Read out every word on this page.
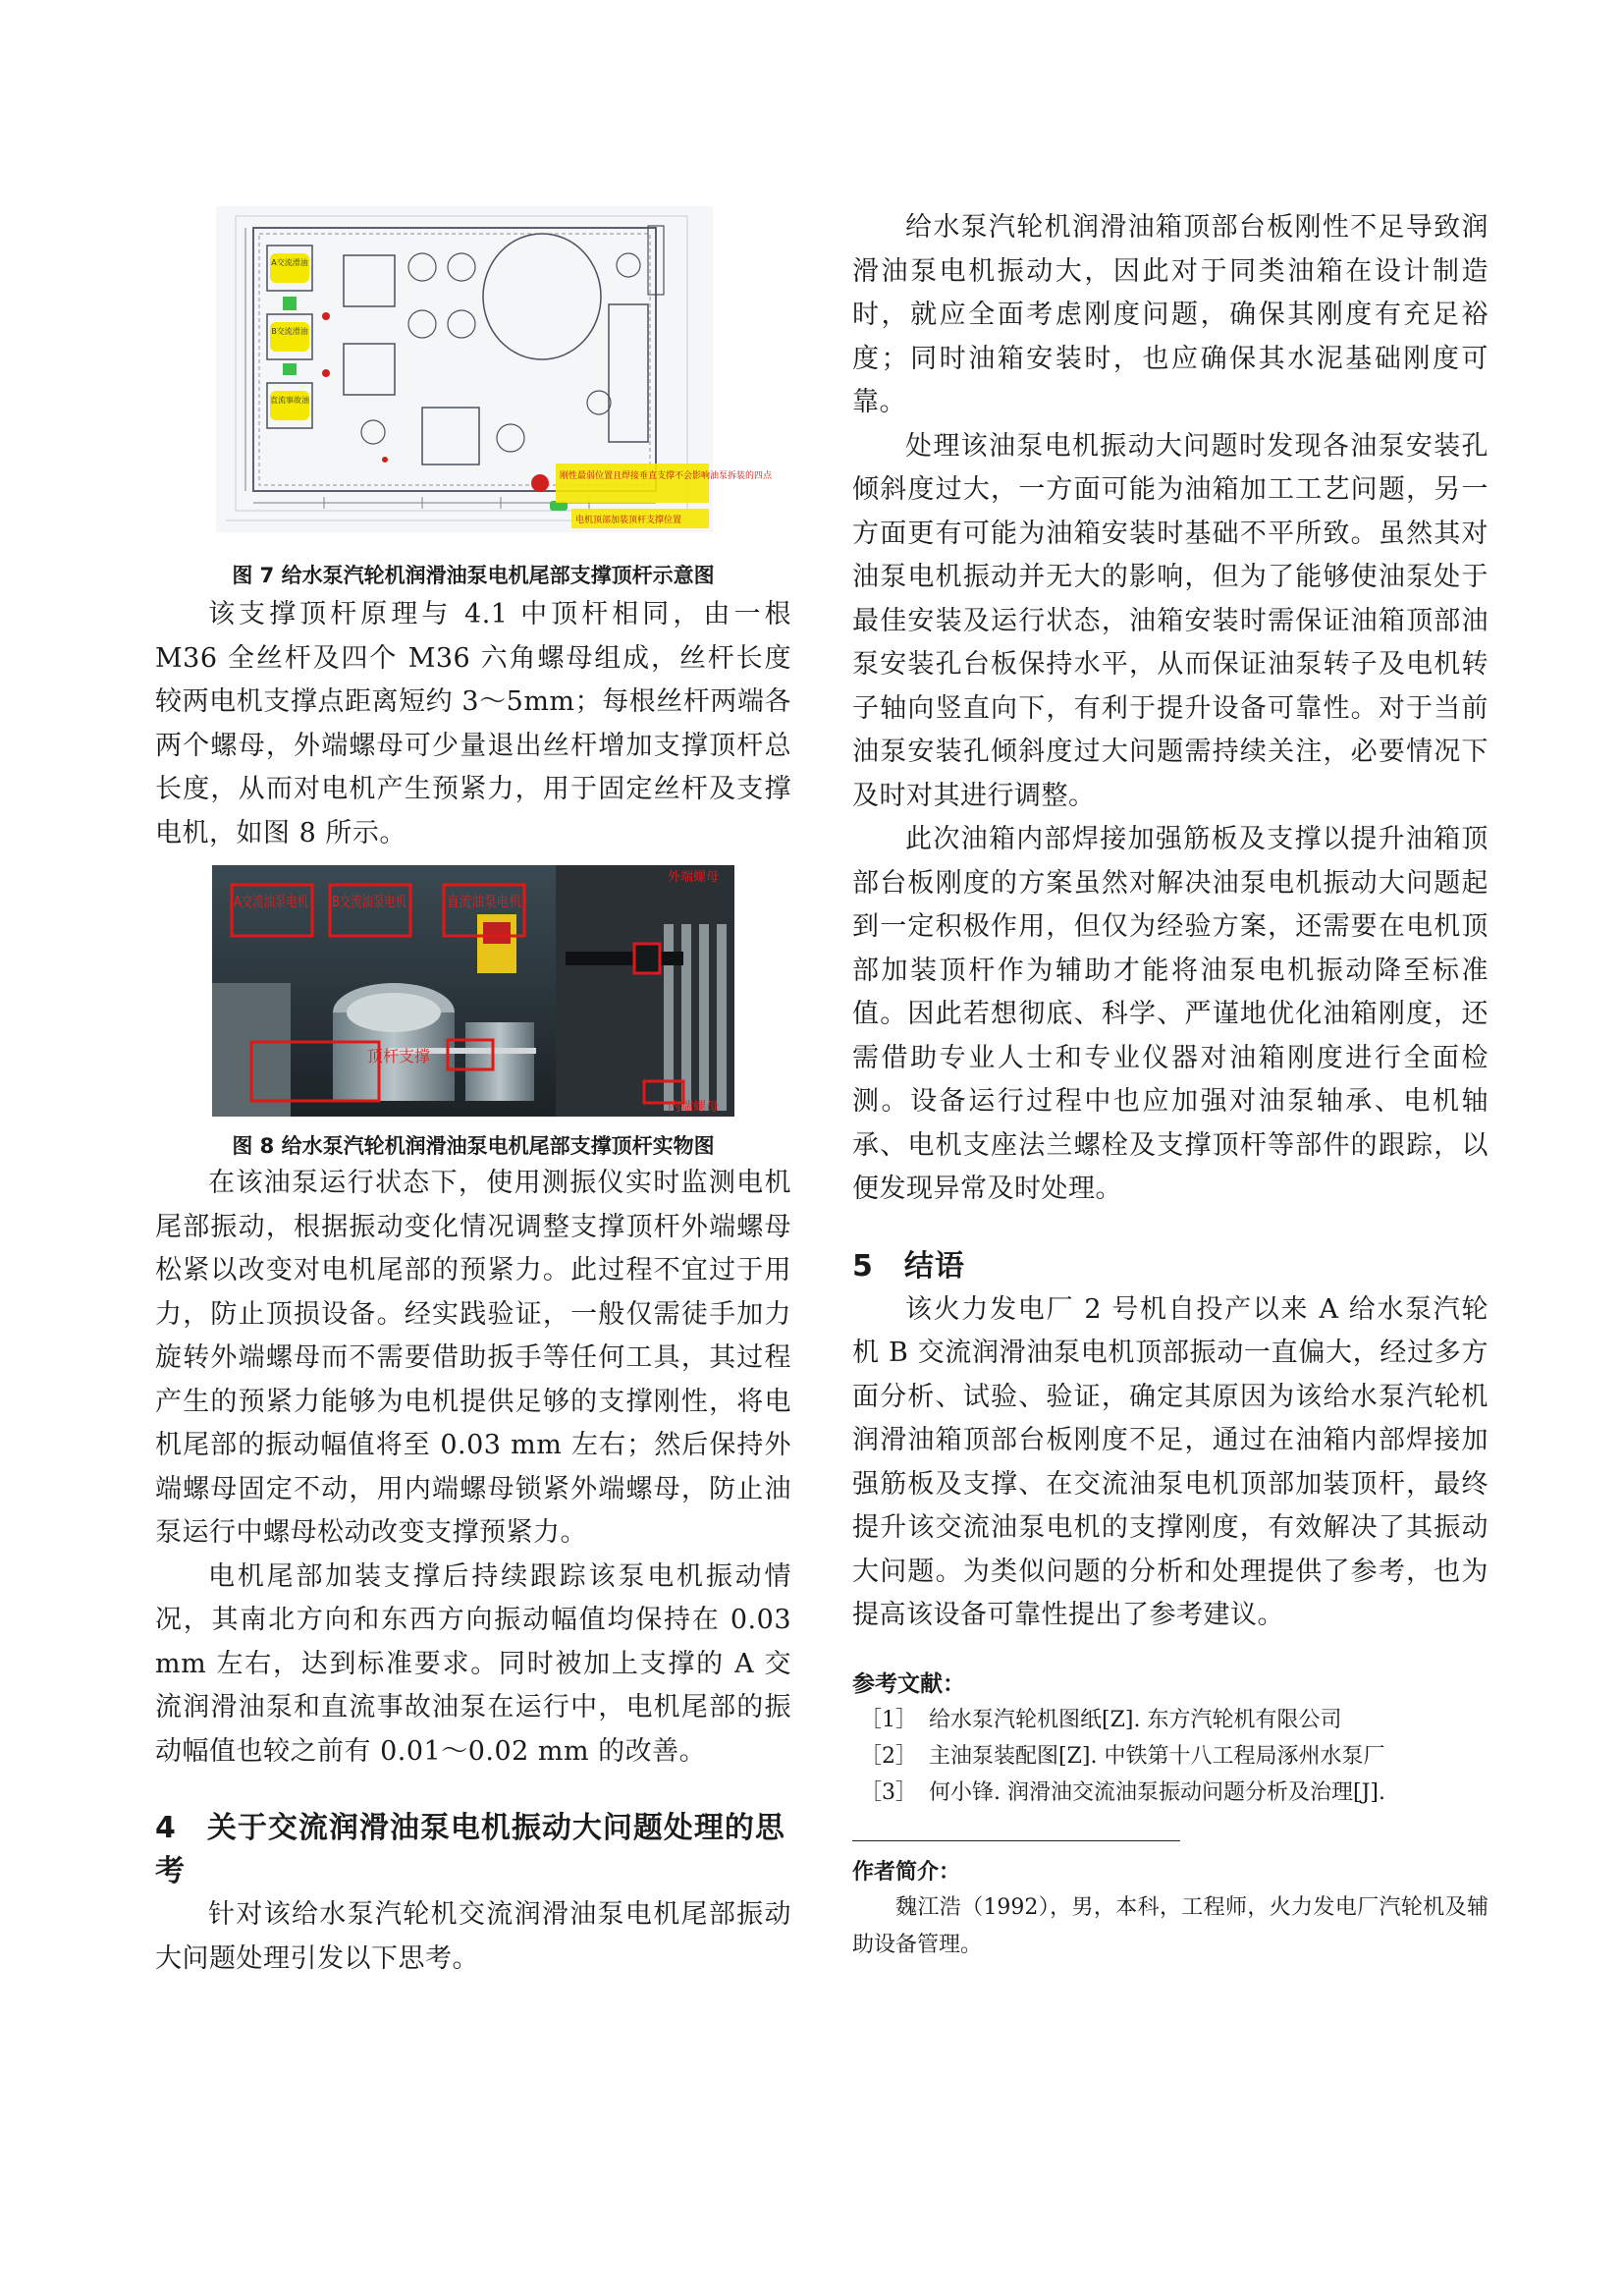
A交流滑油
B交流滑油
直流事故油
刚性最弱位置且焊接垂直支撑不会影响油泵拆装的四点
电机顶部加装顶杆支撑位置

图 7 给水泵汽轮机润滑油泵电机尾部支撑顶杆示意图

该支撑顶杆原理与 4.1 中顶杆相同，由一根 M36 全丝杆及四个 M36 六角螺母组成，丝杆长度较两电机支撑点距离短约 3～5mm；每根丝杆两端各两个螺母，外端螺母可少量退出丝杆增加支撑顶杆总长度，从而对电机产生预紧力，用于固定丝杆及支撑电机，如图 8 所示。

A交流油泵电机 B交流油泵电机	直流油泵电机
顶杆支撑
外端螺母
内端螺母

图 8 给水泵汽轮机润滑油泵电机尾部支撑顶杆实物图

在该油泵运行状态下，使用测振仪实时监测电机尾部振动，根据振动变化情况调整支撑顶杆外端螺母松紧以改变对电机尾部的预紧力。此过程不宜过于用力，防止顶损设备。经实践验证，一般仅需徒手加力旋转外端螺母而不需要借助扳手等任何工具，其过程产生的预紧力能够为电机提供足够的支撑刚性，将电机尾部的振动幅值将至 0.03 mm 左右；然后保持外端螺母固定不动，用内端螺母锁紧外端螺母，防止油泵运行中螺母松动改变支撑预紧力。

电机尾部加装支撑后持续跟踪该泵电机振动情况，其南北方向和东西方向振动幅值均保持在 0.03 mm 左右，达到标准要求。同时被加上支撑的 A 交流润滑油泵和直流事故油泵在运行中，电机尾部的振动幅值也较之前有 0.01～0.02 mm 的改善。

4　关于交流润滑油泵电机振动大问题处理的思考

针对该给水泵汽轮机交流润滑油泵电机尾部振动大问题处理引发以下思考。

给水泵汽轮机润滑油箱顶部台板刚性不足导致润滑油泵电机振动大，因此对于同类油箱在设计制造时，就应全面考虑刚度问题，确保其刚度有充足裕度；同时油箱安装时，也应确保其水泥基础刚度可靠。

处理该油泵电机振动大问题时发现各油泵安装孔倾斜度过大，一方面可能为油箱加工工艺问题，另一方面更有可能为油箱安装时基础不平所致。虽然其对油泵电机振动并无大的影响，但为了能够使油泵处于最佳安装及运行状态，油箱安装时需保证油箱顶部油泵安装孔台板保持水平，从而保证油泵转子及电机转子轴向竖直向下，有利于提升设备可靠性。对于当前油泵安装孔倾斜度过大问题需持续关注，必要情况下及时对其进行调整。

此次油箱内部焊接加强筋板及支撑以提升油箱顶部台板刚度的方案虽然对解决油泵电机振动大问题起到一定积极作用，但仅为经验方案，还需要在电机顶部加装顶杆作为辅助才能将油泵电机振动降至标准值。因此若想彻底、科学、严谨地优化油箱刚度，还需借助专业人士和专业仪器对油箱刚度进行全面检测。设备运行过程中也应加强对油泵轴承、电机轴承、电机支座法兰螺栓及支撑顶杆等部件的跟踪，以便发现异常及时处理。

5　结语

该火力发电厂 2 号机自投产以来 A 给水泵汽轮机 B 交流润滑油泵电机顶部振动一直偏大，经过多方面分析、试验、验证，确定其原因为该给水泵汽轮机润滑油箱顶部台板刚度不足，通过在油箱内部焊接加强筋板及支撑、在交流油泵电机顶部加装顶杆，最终提升该交流油泵电机的支撑刚度，有效解决了其振动大问题。为类似问题的分析和处理提供了参考，也为提高该设备可靠性提出了参考建议。

参考文献：

［1］ 给水泵汽轮机图纸[Z]. 东方汽轮机有限公司

［2］ 主油泵装配图[Z]. 中铁第十八工程局涿州水泵厂

［3］ 何小锋. 润滑油交流油泵振动问题分析及治理[J].

作者简介：

魏江浩（1992），男，本科，工程师，火力发电厂汽轮机及辅助设备管理。
